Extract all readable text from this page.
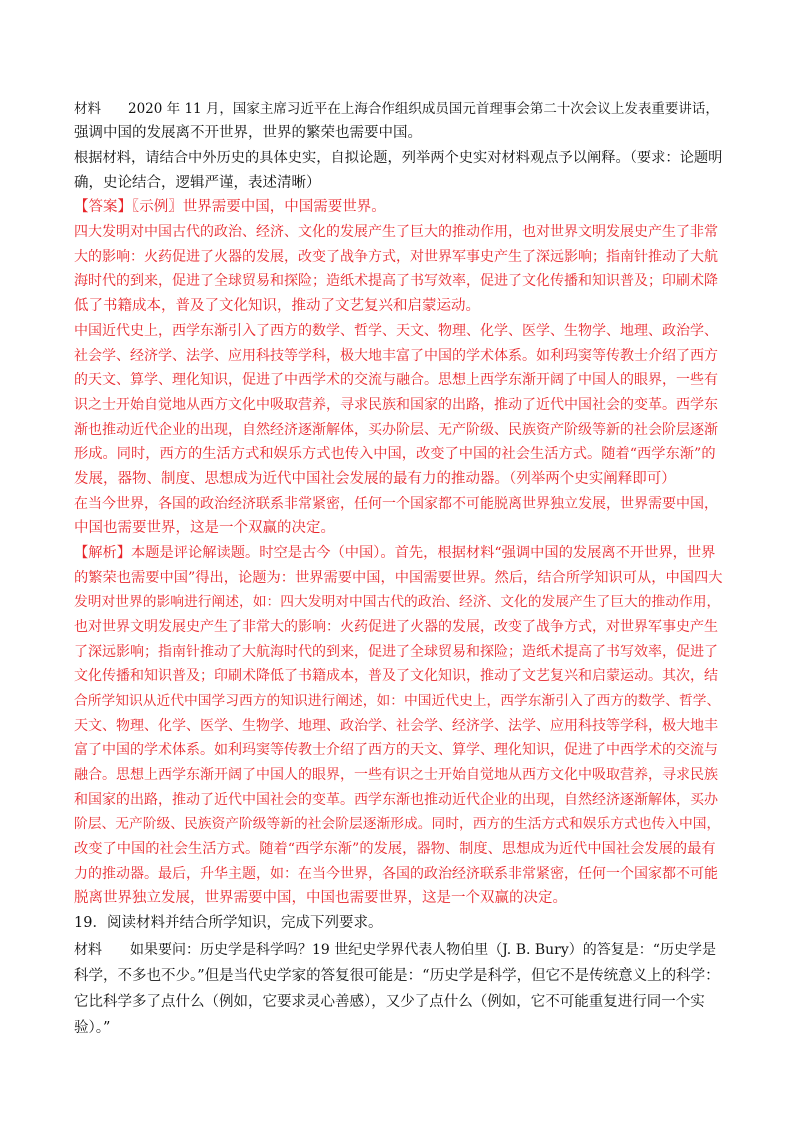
材料　　2020 年 11 月，国家主席习近平在上海合作组织成员国元首理事会第二十次会议上发表重要讲话，
强调中国的发展离不开世界，世界的繁荣也需要中国。
根据材料，请结合中外历史的具体史实，自拟论题，列举两个史实对材料观点予以阐释。（要求：论题明
确，史论结合，逻辑严谨，表述清晰）
【答案】〖示例〗世界需要中国，中国需要世界。
四大发明对中国古代的政治、经济、文化的发展产生了巨大的推动作用，也对世界文明发展史产生了非常
大的影响：火药促进了火器的发展，改变了战争方式，对世界军事史产生了深远影响；指南针推动了大航
海时代的到来，促进了全球贸易和探险；造纸术提高了书写效率，促进了文化传播和知识普及；印刷术降
低了书籍成本，普及了文化知识，推动了文艺复兴和启蒙运动。
中国近代史上，西学东渐引入了西方的数学、哲学、天文、物理、化学、医学、生物学、地理、政治学、
社会学、经济学、法学、应用科技等学科，极大地丰富了中国的学术体系。如利玛窦等传教士介绍了西方
的天文、算学、理化知识，促进了中西学术的交流与融合。思想上西学东渐开阔了中国人的眼界，一些有
识之士开始自觉地从西方文化中吸取营养，寻求民族和国家的出路，推动了近代中国社会的变革。西学东
渐也推动近代企业的出现，自然经济逐渐解体，买办阶层、无产阶级、民族资产阶级等新的社会阶层逐渐
形成。同时，西方的生活方式和娱乐方式也传入中国，改变了中国的社会生活方式。随着“西学东渐”的
发展，器物、制度、思想成为近代中国社会发展的最有力的推动器。（列举两个史实阐释即可）
在当今世界，各国的政治经济联系非常紧密，任何一个国家都不可能脱离世界独立发展，世界需要中国，
中国也需要世界，这是一个双赢的决定。
【解析】本题是评论解读题。时空是古今（中国）。首先，根据材料“强调中国的发展离不开世界，世界
的繁荣也需要中国”得出，论题为：世界需要中国，中国需要世界。然后，结合所学知识可从，中国四大
发明对世界的影响进行阐述，如：四大发明对中国古代的政治、经济、文化的发展产生了巨大的推动作用，
也对世界文明发展史产生了非常大的影响：火药促进了火器的发展，改变了战争方式，对世界军事史产生
了深远影响；指南针推动了大航海时代的到来，促进了全球贸易和探险；造纸术提高了书写效率，促进了
文化传播和知识普及；印刷术降低了书籍成本，普及了文化知识，推动了文艺复兴和启蒙运动。其次，结
合所学知识从近代中国学习西方的知识进行阐述，如：中国近代史上，西学东渐引入了西方的数学、哲学、
天文、物理、化学、医学、生物学、地理、政治学、社会学、经济学、法学、应用科技等学科，极大地丰
富了中国的学术体系。如利玛窦等传教士介绍了西方的天文、算学、理化知识，促进了中西学术的交流与
融合。思想上西学东渐开阔了中国人的眼界，一些有识之士开始自觉地从西方文化中吸取营养，寻求民族
和国家的出路，推动了近代中国社会的变革。西学东渐也推动近代企业的出现，自然经济逐渐解体，买办
阶层、无产阶级、民族资产阶级等新的社会阶层逐渐形成。同时，西方的生活方式和娱乐方式也传入中国，
改变了中国的社会生活方式。随着“西学东渐”的发展，器物、制度、思想成为近代中国社会发展的最有
力的推动器。最后，升华主题，如：在当今世界，各国的政治经济联系非常紧密，任何一个国家都不可能
脱离世界独立发展，世界需要中国，中国也需要世界，这是一个双赢的决定。
19．阅读材料并结合所学知识，完成下列要求。
材料　　如果要问：历史学是科学吗？19 世纪史学界代表人物伯里（J. B. Bury）的答复是：“历史学是
科学，不多也不少。”但是当代史学家的答复很可能是：“历史学是科学，但它不是传统意义上的科学：
它比科学多了点什么（例如，它要求灵心善感），又少了点什么（例如，它不可能重复进行同一个实
验）。”
